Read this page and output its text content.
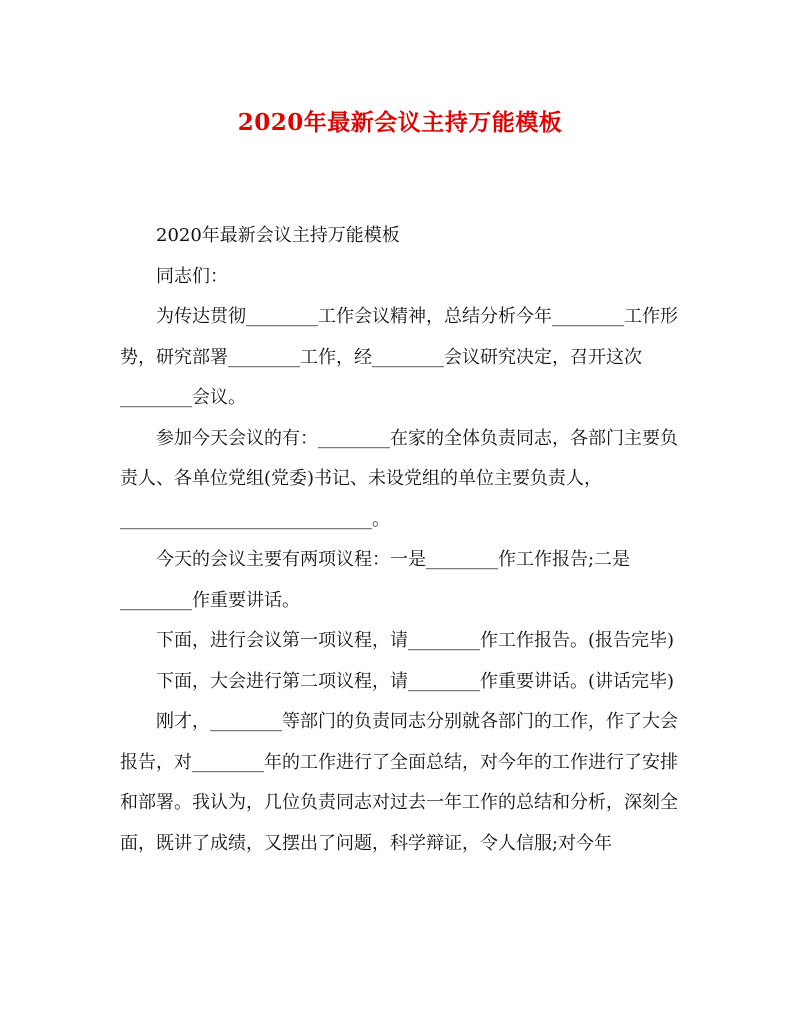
2020年最新会议主持万能模板

2020年最新会议主持万能模板

同志们：

为传达贯彻________工作会议精神，总结分析今年________工作形势，研究部署________工作，经________会议研究决定，召开这次________会议。

参加今天会议的有：________在家的全体负责同志，各部门主要负责人、各单位党组(党委)书记、未设党组的单位主要负责人，____________________________。

今天的会议主要有两项议程：一是________作工作报告;二是________作重要讲话。

下面，进行会议第一项议程，请________作工作报告。(报告完毕)

下面，大会进行第二项议程，请________作重要讲话。(讲话完毕)

刚才，________等部门的负责同志分别就各部门的工作，作了大会报告，对________年的工作进行了全面总结，对今年的工作进行了安排和部署。我认为，几位负责同志对过去一年工作的总结和分析，深刻全面，既讲了成绩，又摆出了问题，科学辩证，令人信服;对今年
